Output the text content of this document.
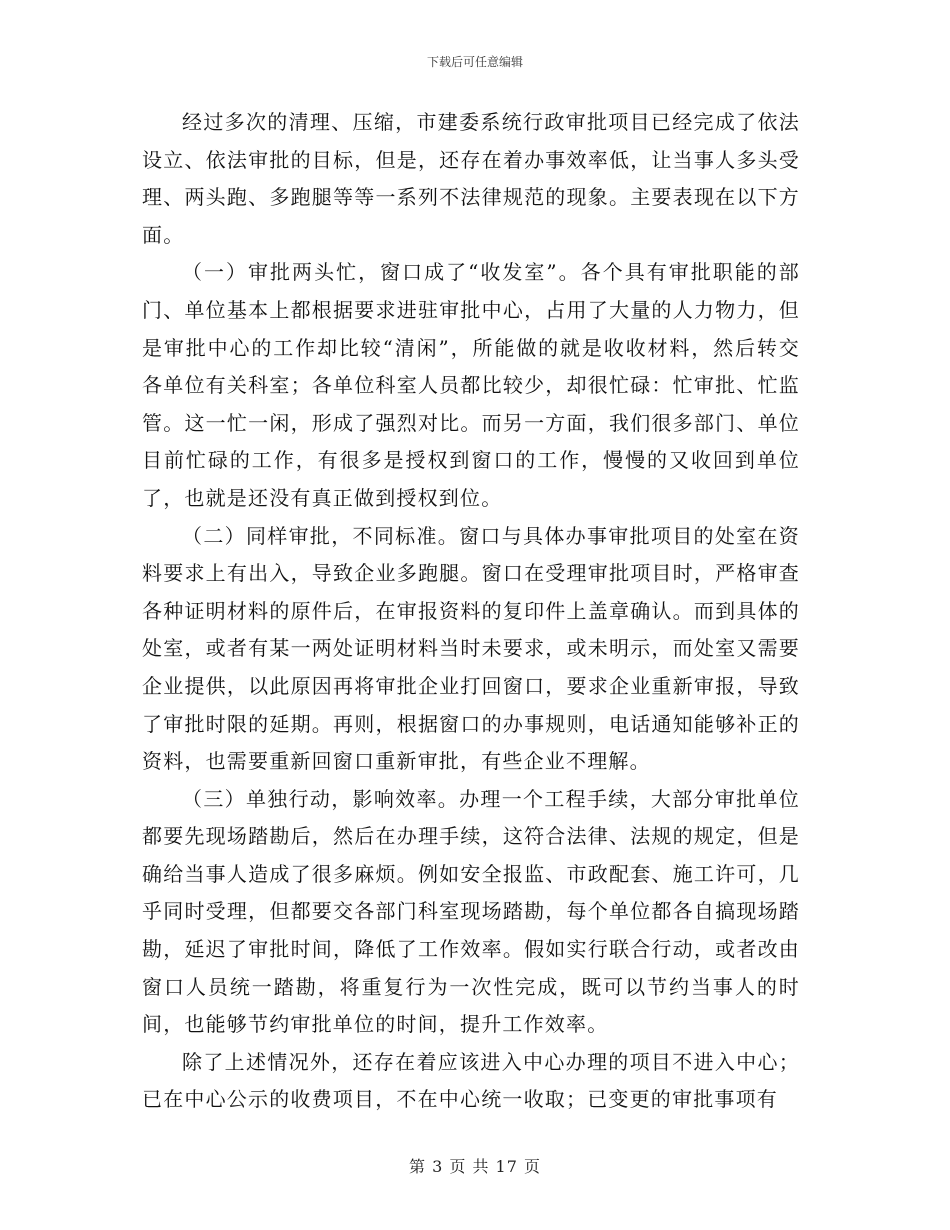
下载后可任意编辑

经过多次的清理、压缩，市建委系统行政审批项目已经完成了依法设立、依法审批的目标，但是，还存在着办事效率低，让当事人多头受理、两头跑、多跑腿等等一系列不法律规范的现象。主要表现在以下方面。

（一）审批两头忙，窗口成了“收发室”。各个具有审批职能的部门、单位基本上都根据要求进驻审批中心，占用了大量的人力物力，但是审批中心的工作却比较“清闲”，所能做的就是收收材料，然后转交各单位有关科室；各单位科室人员都比较少，却很忙碌：忙审批、忙监管。这一忙一闲，形成了强烈对比。而另一方面，我们很多部门、单位目前忙碌的工作，有很多是授权到窗口的工作，慢慢的又收回到单位了，也就是还没有真正做到授权到位。

（二）同样审批，不同标准。窗口与具体办事审批项目的处室在资料要求上有出入，导致企业多跑腿。窗口在受理审批项目时，严格审查各种证明材料的原件后，在审报资料的复印件上盖章确认。而到具体的处室，或者有某一两处证明材料当时未要求，或未明示，而处室又需要企业提供，以此原因再将审批企业打回窗口，要求企业重新审报，导致了审批时限的延期。再则，根据窗口的办事规则，电话通知能够补正的资料，也需要重新回窗口重新审批，有些企业不理解。

（三）单独行动，影响效率。办理一个工程手续，大部分审批单位都要先现场踏勘后，然后在办理手续，这符合法律、法规的规定，但是确给当事人造成了很多麻烦。例如安全报监、市政配套、施工许可，几乎同时受理，但都要交各部门科室现场踏勘，每个单位都各自搞现场踏勘，延迟了审批时间，降低了工作效率。假如实行联合行动，或者改由窗口人员统一踏勘，将重复行为一次性完成，既可以节约当事人的时间，也能够节约审批单位的时间，提升工作效率。

除了上述情况外，还存在着应该进入中心办理的项目不进入中心；已在中心公示的收费项目，不在中心统一收取；已变更的审批事项有

第 3 页 共 17 页
